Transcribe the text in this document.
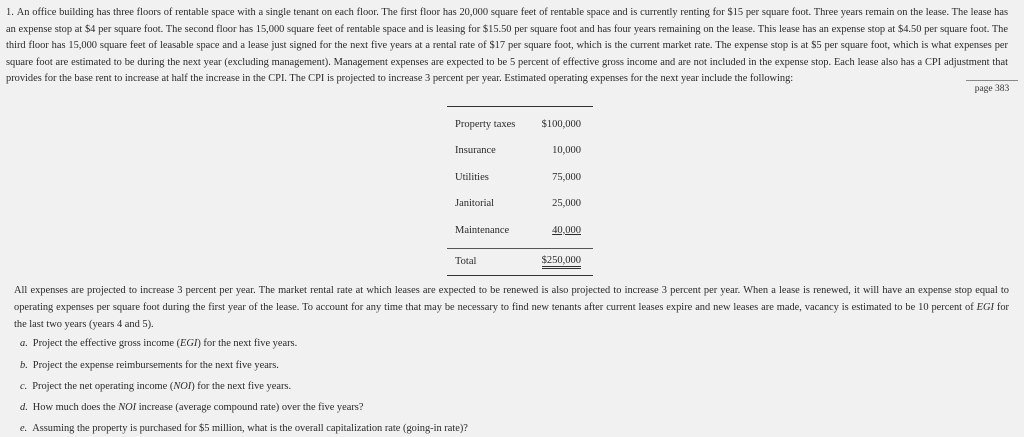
1. An office building has three floors of rentable space with a single tenant on each floor. The first floor has 20,000 square feet of rentable space and is currently renting for $15 per square foot. Three years remain on the lease. The lease has an expense stop at $4 per square foot. The second floor has 15,000 square feet of rentable space and is leasing for $15.50 per square foot and has four years remaining on the lease. This lease has an expense stop at $4.50 per square foot. The third floor has 15,000 square feet of leasable space and a lease just signed for the next five years at a rental rate of $17 per square foot, which is the current market rate. The expense stop is at $5 per square foot, which is what expenses per square foot are estimated to be during the next year (excluding management). Management expenses are expected to be 5 percent of effective gross income and are not included in the expense stop. Each lease also has a CPI adjustment that provides for the base rent to increase at half the increase in the CPI. The CPI is projected to increase 3 percent per year. Estimated operating expenses for the next year include the following:
page 383
Property taxes	$100,000
Insurance	10,000
Utilities	75,000
Janitorial	25,000
Maintenance	40,000
Total	$250,000
All expenses are projected to increase 3 percent per year. The market rental rate at which leases are expected to be renewed is also projected to increase 3 percent per year. When a lease is renewed, it will have an expense stop equal to operating expenses per square foot during the first year of the lease. To account for any time that may be necessary to find new tenants after current leases expire and new leases are made, vacancy is estimated to be 10 percent of EGI for the last two years (years 4 and 5).
a. Project the effective gross income (EGI) for the next five years.
b. Project the expense reimbursements for the next five years.
c. Project the net operating income (NOI) for the next five years.
d. How much does the NOI increase (average compound rate) over the five years?
e. Assuming the property is purchased for $5 million, what is the overall capitalization rate (going-in rate)?
